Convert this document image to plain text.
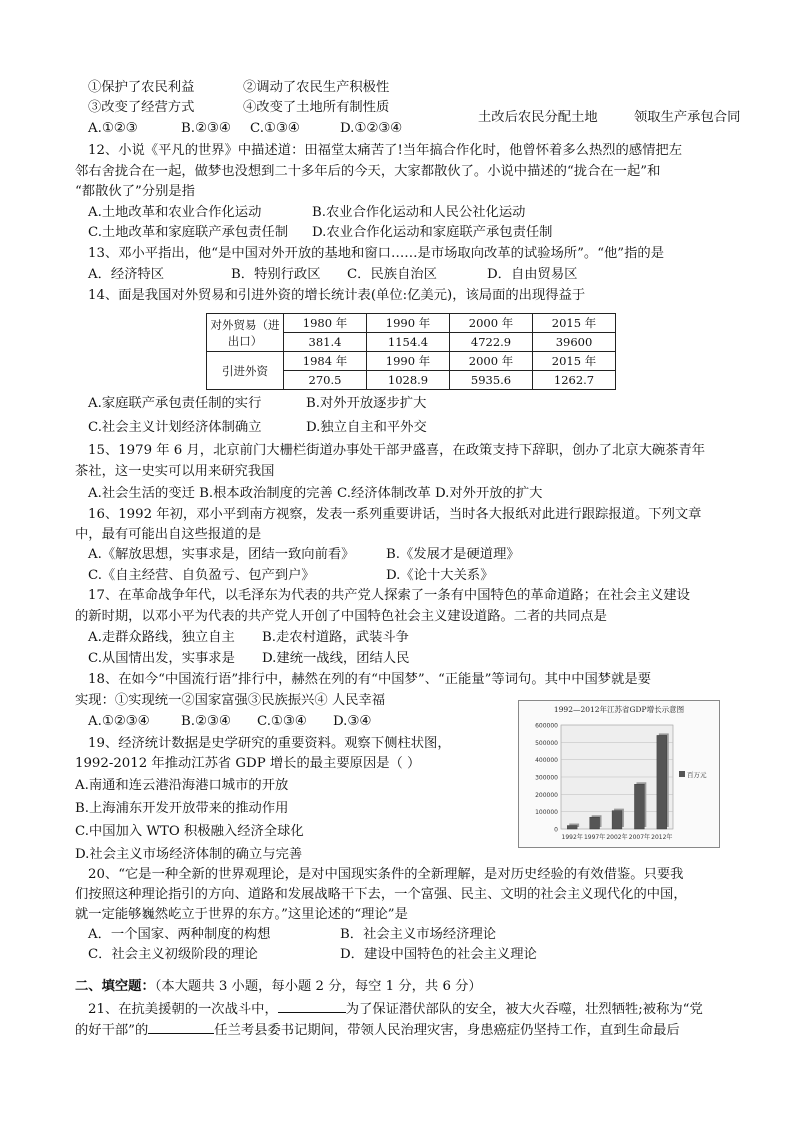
①保护了农民利益	②调动了农民生产积极性
③改变了经营方式	④改变了土地所有制性质
土改后农民分配土地	领取生产承包合同
A.①②③	B.②③④ C.①③④	D.①②③④
12、小说《平凡的世界》中描述道：田福堂太痛苦了!当年搞合作化时，他曾怀着多么热烈的感情把左
邻右舍拢合在一起，做梦也没想到二十多年后的今天，大家都散伙了。小说中描述的“拢合在一起”和
“都散伙了”分别是指
A.土地改革和农业合作化运动	B.农业合作化运动和人民公社化运动
C.土地改革和家庭联产承包责任制 D.农业合作化运动和家庭联产承包责任制
13、邓小平指出，他“是中国对外开放的基地和窗口……是市场取向改革的试验场所”。“他”指的是
A．经济特区	B．特别行政区 C．民族自治区	D．自由贸易区
14、面是我国对外贸易和引进外资的增长统计表(单位:亿美元)，该局面的出现得益于
对外贸易（进出口）	1980 年	1990 年	2000 年	2015 年
	381.4	1154.4	4722.9	39600
引进外资	1984 年	1990 年	2000 年	2015 年
	270.5	1028.9	5935.6	1262.7
A.家庭联产承包责任制的实行	B.对外开放逐步扩大
C.社会主义计划经济体制确立	D.独立自主和平外交
15、1979 年 6 月，北京前门大栅栏街道办事处干部尹盛喜，在政策支持下辞职，创办了北京大碗茶青年
茶社，这一史实可以用来研究我国
A.社会生活的变迁 B.根本政治制度的完善 C.经济体制改革 D.对外开放的扩大
16、1992 年初，邓小平到南方视察，发表一系列重要讲话，当时各大报纸对此进行跟踪报道。下列文章
中，最有可能出自这些报道的是
A.《解放思想，实事求是，团结一致向前看》 B.《发展才是硬道理》
C.《自主经营、自负盈亏、包产到户》	D.《论十大关系》
17、在革命战争年代，以毛泽东为代表的共产党人探索了一条有中国特色的革命道路；在社会主义建设
的新时期，以邓小平为代表的共产党人开创了中国特色社会主义建设道路。二者的共同点是
A.走群众路线，独立自主 B.走农村道路，武装斗争
C.从国情出发，实事求是 D.建统一战线，团结人民
18、在如今“中国流行语”排行中，赫然在列的有“中国梦”、“正能量”等词句。其中中国梦就是要
实现：①实现统一②国家富强③民族振兴④ 人民幸福
A.①②③④ B.②③④ C.①③④ D.③④
19、经济统计数据是史学研究的重要资料。观察下侧柱状图，
1992-2012 年推动江苏省 GDP 增长的最主要原因是（ ）
A.南通和连云港沿海港口城市的开放
B.上海浦东开发开放带来的推动作用
C.中国加入 WTO 积极融入经济全球化
D.社会主义市场经济体制的确立与完善
1992—2012年江苏省GDP增长示意图
0
100000
200000
300000
400000
500000
600000
1992年 1997年 2002年 2007年 2012年
百万元
20、“它是一种全新的世界观理论，是对中国现实条件的全新理解，是对历史经验的有效借鉴。只要我
们按照这种理论指引的方向、道路和发展战略干下去，一个富强、民主、文明的社会主义现代化的中国，
就一定能够巍然屹立于世界的东方。”这里论述的“理论”是
A．一个国家、两种制度的构想	B．社会主义市场经济理论
C．社会主义初级阶段的理论	D．建设中国特色的社会主义理论
二、填空题：（本大题共 3 小题，每小题 2 分，每空 1 分，共 6 分）
21、在抗美援朝的一次战斗中，	为了保证潜伏部队的安全，被大火吞噬，壮烈牺牲;被称为“党
的好干部”的	任兰考县委书记期间，带领人民治理灾害，身患癌症仍坚持工作，直到生命最后
